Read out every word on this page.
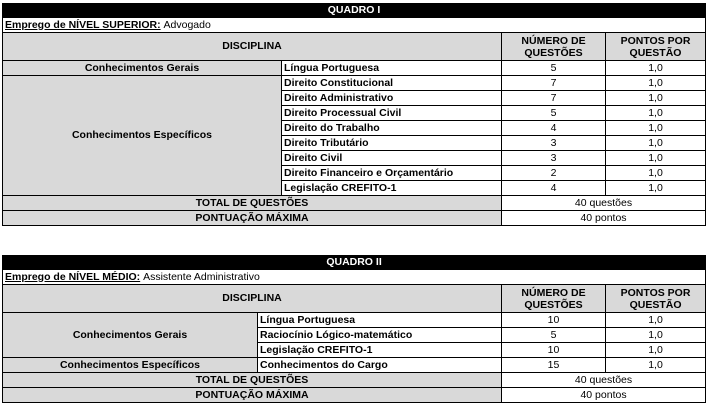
QUADRO I			
Emprego de NÍVEL SUPERIOR: Advogado			
DISCIPLINA		NÚMERO DE QUESTÕES	PONTOS POR QUESTÃO
Conhecimentos Gerais	Língua Portuguesa	5	1,0
Conhecimentos Específicos	Direito Constitucional	7	1,0
	Direito Administrativo	7	1,0
	Direito Processual Civil	5	1,0
	Direito do Trabalho	4	1,0
	Direito Tributário	3	1,0
	Direito Civil	3	1,0
	Direito Financeiro e Orçamentário	2	1,0
	Legislação CREFITO-1	4	1,0
TOTAL DE QUESTÕES		40 questões	
PONTUAÇÃO MÁXIMA		40 pontos	
QUADRO II			
Emprego de NÍVEL MÉDIO: Assistente Administrativo			
DISCIPLINA		NÚMERO DE QUESTÕES	PONTOS POR QUESTÃO
Conhecimentos Gerais	Língua Portuguesa	10	1,0
	Raciocínio Lógico-matemático	5	1,0
	Legislação CREFITO-1	10	1,0
Conhecimentos Específicos	Conhecimentos do Cargo	15	1,0
TOTAL DE QUESTÕES		40 questões	
PONTUAÇÃO MÁXIMA		40 pontos	
